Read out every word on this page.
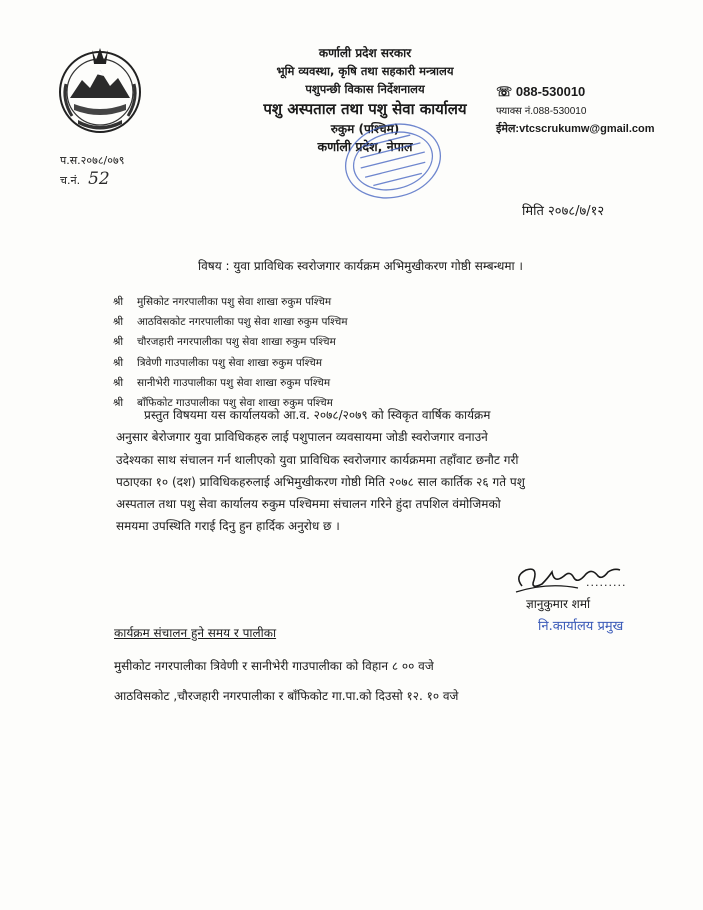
कर्णाली प्रदेश सरकार
भूमि व्यवस्था, कृषि तथा सहकारी मन्त्रालय
पशुपन्छी विकास निर्देशनालय
पशु अस्पताल तथा पशु सेवा कार्यालय
रुकुम (पश्चिम)
कर्णाली प्रदेश, नेपाल
☏ 088-530010
फ्याक्स नं.088-530010
ईमेल:vtcscrukumw@gmail.com
प.स.२०७८/०७९
च.नं. 52
मिति २०७८/७/१२
विषय : युवा प्राविधिक स्वरोजगार कार्यक्रम अभिमुखीकरण गोष्ठी सम्बन्धमा ।
श्री मुसिकोट नगरपालीका पशु सेवा शाखा रुकुम पश्चिम
श्री आठविसकोट नगरपालीका पशु सेवा शाखा रुकुम पश्चिम
श्री चौरजहारी नगरपालीका पशु सेवा शाखा रुकुम पश्चिम
श्री त्रिवेणी गाउपालीका पशु सेवा शाखा रुकुम पश्चिम
श्री सानीभेरी गाउपालीका पशु सेवा शाखा रुकुम पश्चिम
श्री बाँफिकोट गाउपालीका पशु सेवा शाखा रुकुम पश्चिम
प्रस्तुत विषयमा यस कार्यालयको आ.व. २०७८/२०७९ को स्विकृत वार्षिक कार्यक्रम
अनुसार बेरोजगार युवा प्राविधिकहरु लाई पशुपालन व्यवसायमा जोडी स्वरोजगार वनाउने
उदेश्यका साथ संचालन गर्न थालीएको युवा प्राविधिक स्वरोजगार कार्यक्रममा तहाँवाट छनौट गरी
पठाएका १० (दश) प्राविधिकहरुलाई अभिमुखीकरण गोष्ठी मिति २०७८ साल कार्तिक २६ गते पशु
अस्पताल तथा पशु सेवा कार्यालय रुकुम पश्चिममा संचालन गरिने हुंदा तपशिल वंमोजिमको
समयमा उपस्थिति गराई दिनु हुन हार्दिक अनुरोध छ ।
.........
ज्ञानुकुमार शर्मा
नि.कार्यालय प्रमुख
कार्यक्रम संचालन हुने समय र पालीका
मुसीकोट नगरपालीका त्रिवेणी र सानीभेरी गाउपालीका को विहान ८ ०० वजे
आठविसकोट ,चौरजहारी नगरपालीका र बाँफिकोट गा.पा.को दिउसो १२. १० वजे
